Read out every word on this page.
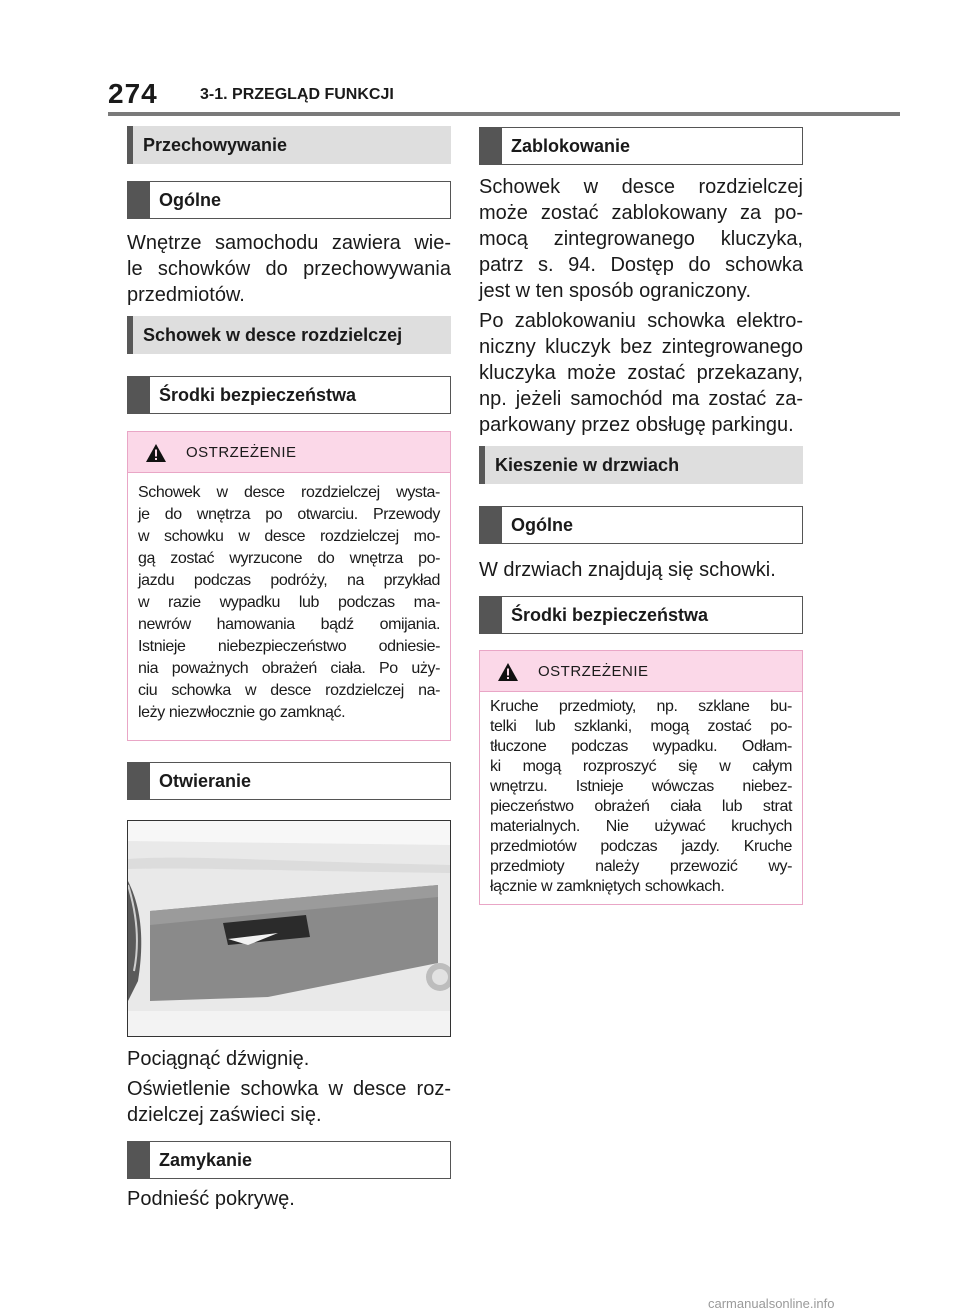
274	3-1. PRZEGLĄD FUNKCJI
Przechowywanie
Ogólne
Wnętrze samochodu zawiera wie-
le schowków do przechowywania
przedmiotów.
Schowek w desce rozdzielczej
Środki bezpieczeństwa
OSTRZEŻENIE
Schowek w desce rozdzielczej wysta-
je do wnętrza po otwarciu. Przewody
w schowku w desce rozdzielczej mo-
gą zostać wyrzucone do wnętrza po-
jazdu podczas podróży, na przykład
w razie wypadku lub podczas ma-
newrów hamowania bądź omijania.
Istnieje niebezpieczeństwo odniesie-
nia poważnych obrażeń ciała. Po uży-
ciu schowka w desce rozdzielczej na-
leży niezwłocznie go zamknąć.
Otwieranie
Pociągnąć dźwignię.
Oświetlenie schowka w desce roz-
dzielczej zaświeci się.
Zamykanie
Podnieść pokrywę.
Zablokowanie
Schowek w desce rozdzielczej
może zostać zablokowany za po-
mocą zintegrowanego kluczyka,
patrz s. 94. Dostęp do schowka
jest w ten sposób ograniczony.
Po zablokowaniu schowka elektro-
niczny kluczyk bez zintegrowanego
kluczyka może zostać przekazany,
np. jeżeli samochód ma zostać za-
parkowany przez obsługę parkingu.
Kieszenie w drzwiach
Ogólne
W drzwiach znajdują się schowki.
Środki bezpieczeństwa
OSTRZEŻENIE
Kruche przedmioty, np. szklane bu-
telki lub szklanki, mogą zostać po-
tłuczone podczas wypadku. Odłam-
ki mogą rozproszyć się w całym
wnętrzu. Istnieje wówczas niebez-
pieczeństwo obrażeń ciała lub strat
materialnych. Nie używać kruchych
przedmiotów podczas jazdy. Kruche
przedmioty należy przewozić wy-
łącznie w zamkniętych schowkach.
carmanualsonline.info
